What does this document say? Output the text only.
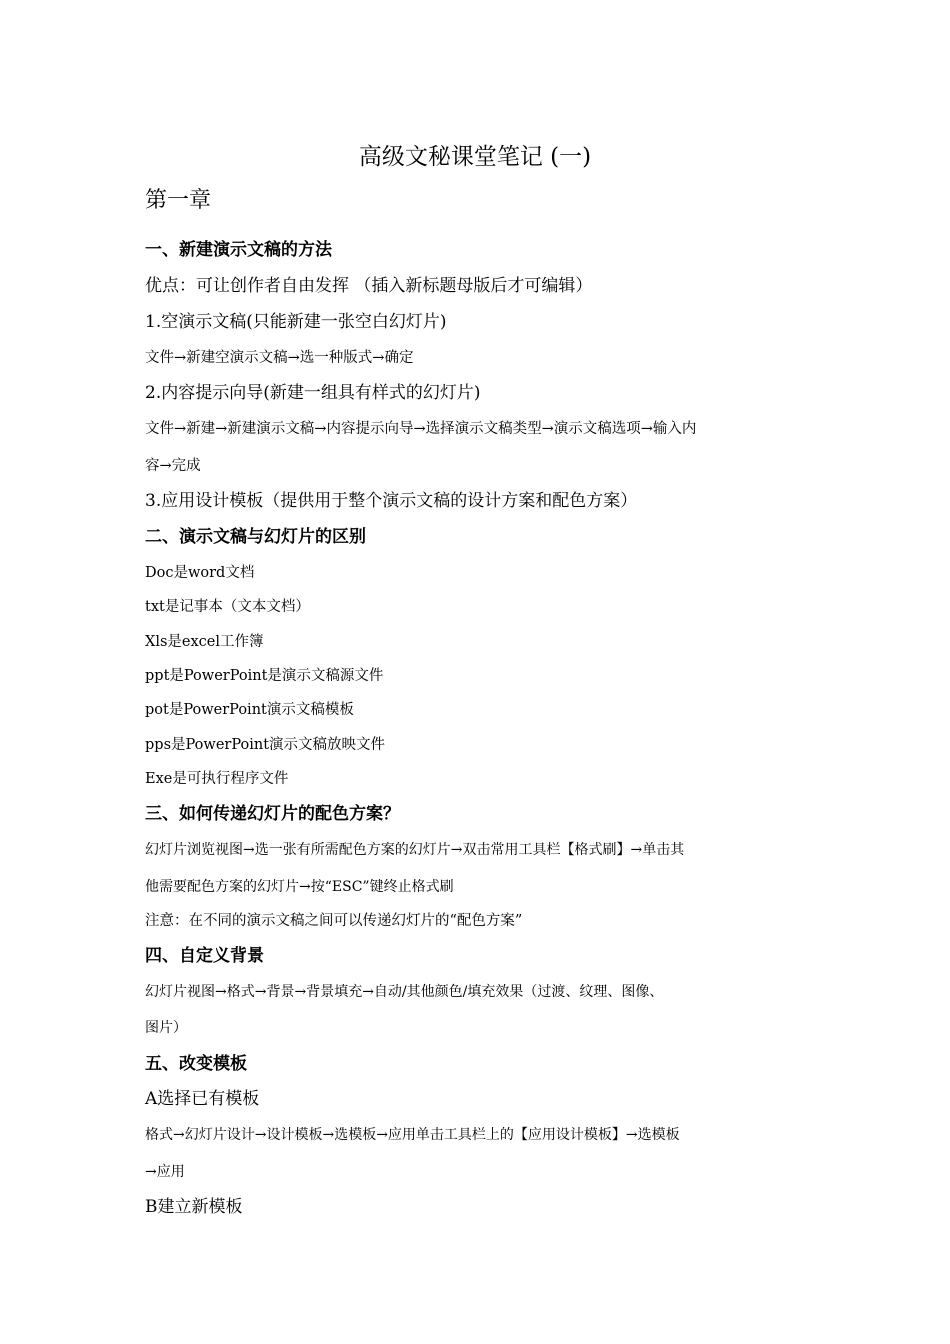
高级文秘课堂笔记 (一)
第一章
一、新建演示文稿的方法
优点：可让创作者自由发挥 （插入新标题母版后才可编辑）
1.空演示文稿(只能新建一张空白幻灯片)
文件→新建空演示文稿→选一种版式→确定
2.内容提示向导(新建一组具有样式的幻灯片)
文件→新建→新建演示文稿→内容提示向导→选择演示文稿类型→演示文稿选项→输入内
容→完成
3.应用设计模板（提供用于整个演示文稿的设计方案和配色方案）
二、演示文稿与幻灯片的区别
Doc是word文档
txt是记事本（文本文档）
Xls是excel工作簿
ppt是PowerPoint是演示文稿源文件
pot是PowerPoint演示文稿模板
pps是PowerPoint演示文稿放映文件
Exe是可执行程序文件
三、如何传递幻灯片的配色方案？
幻灯片浏览视图→选一张有所需配色方案的幻灯片→双击常用工具栏【格式刷】→单击其
他需要配色方案的幻灯片→按“ESC”键终止格式刷
注意：在不同的演示文稿之间可以传递幻灯片的“配色方案”
四、自定义背景
幻灯片视图→格式→背景→背景填充→自动/其他颜色/填充效果（过渡、纹理、图像、
图片）
五、改变模板
A选择已有模板
格式→幻灯片设计→设计模板→选模板→应用单击工具栏上的【应用设计模板】→选模板
→应用
B建立新模板
